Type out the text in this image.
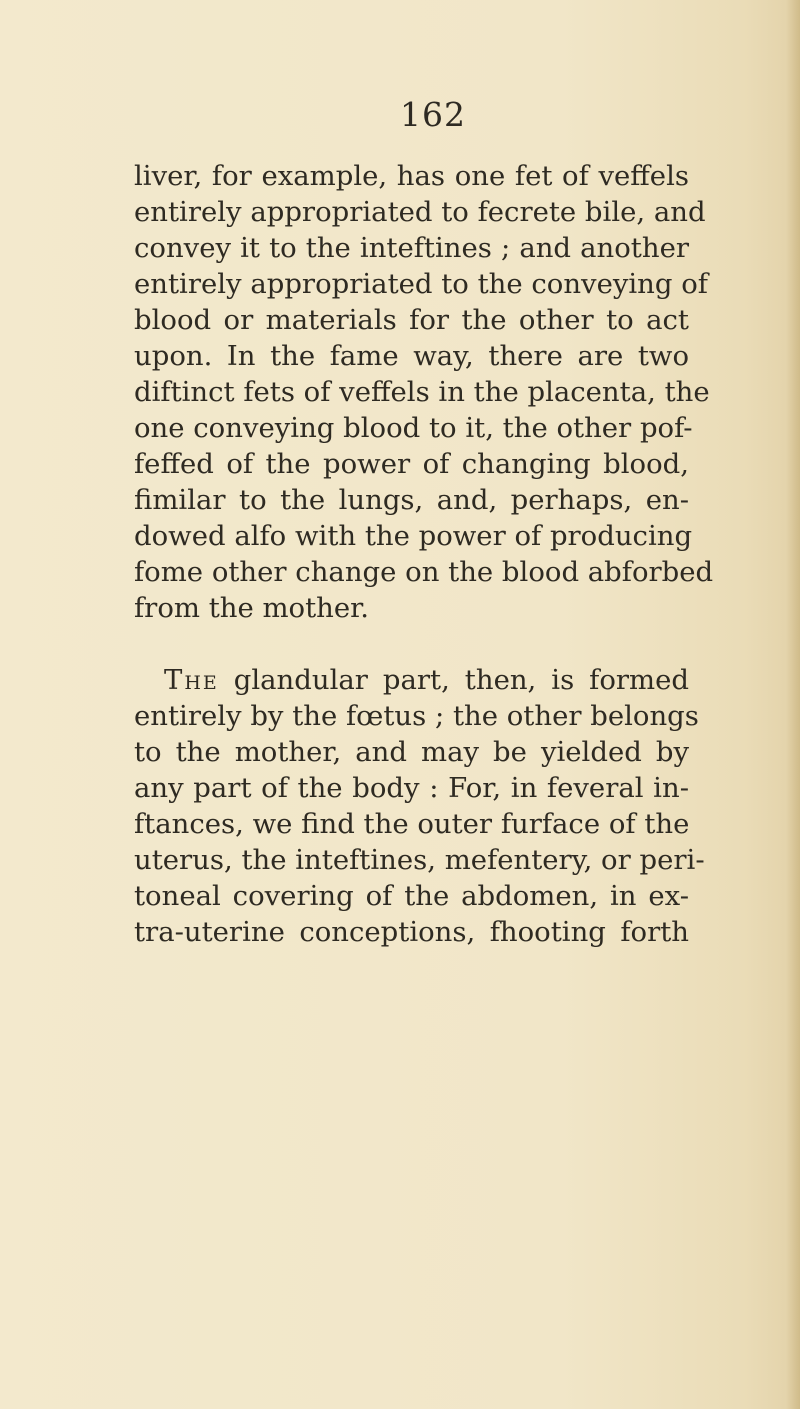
162
liver, for example, has one fet of veffels
entirely appropriated to fecrete bile, and
convey it to the inteftines ; and another
entirely appropriated to the conveying of
blood or materials for the other to act
upon. In the fame way, there are two
diftinct fets of veffels in the placenta, the
one conveying blood to it, the other pof-
feffed of the power of changing blood,
fimilar to the lungs, and, perhaps, en-
dowed alfo with the power of producing
fome other change on the blood abforbed
from the mother.
The glandular part, then, is formed
entirely by the fœtus ; the other belongs
to the mother, and may be yielded by
any part of the body : For, in feveral in-
ftances, we find the outer furface of the
uterus, the inteftines, mefentery, or peri-
toneal covering of the abdomen, in ex-
tra-uterine conceptions, fhooting forth
